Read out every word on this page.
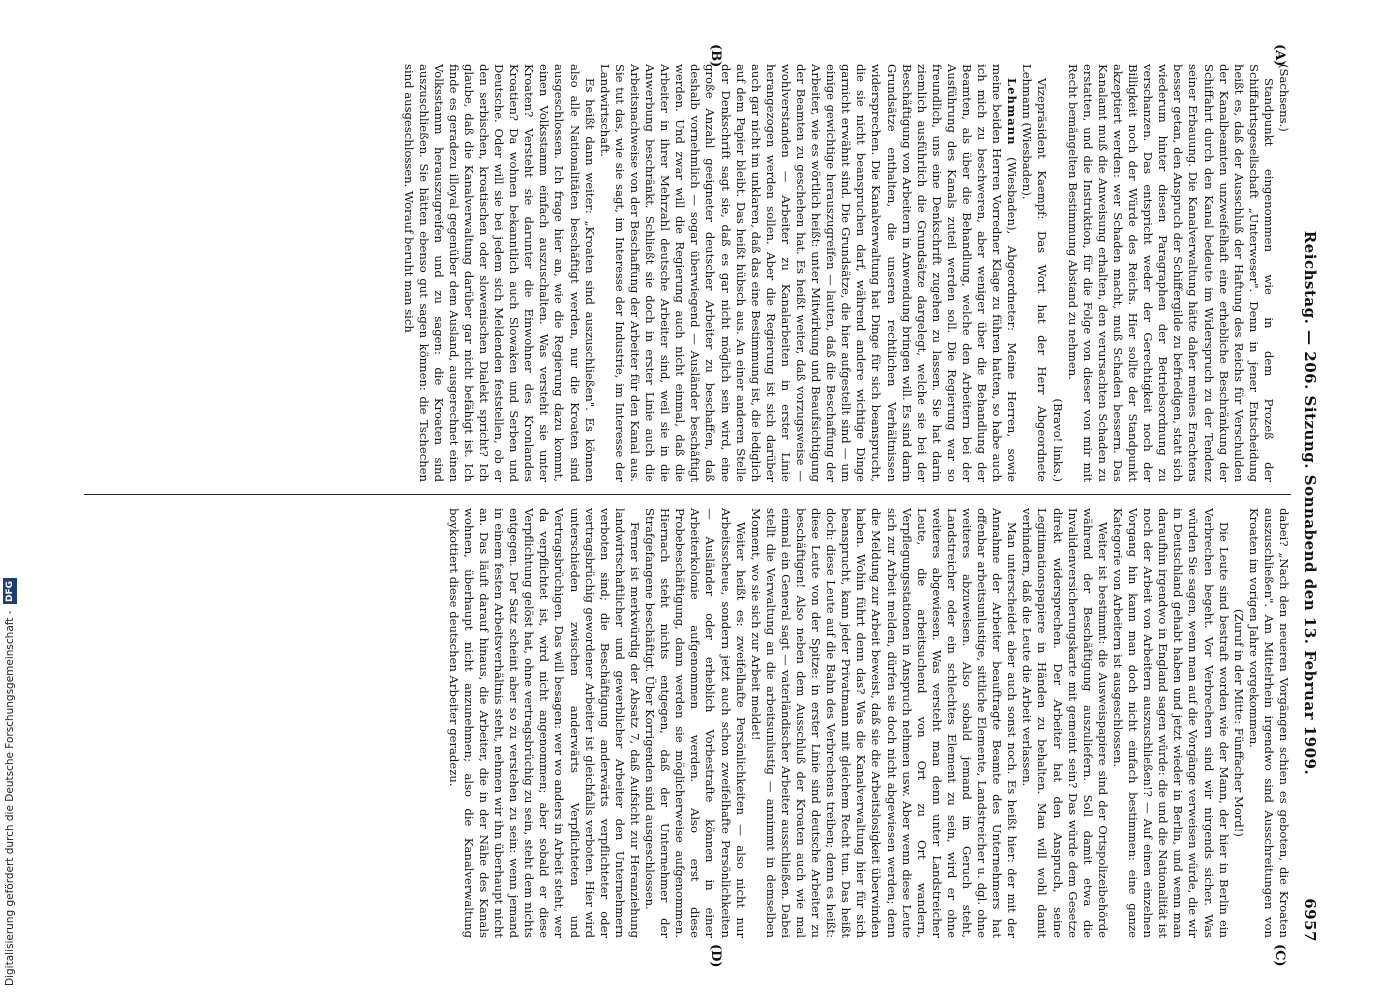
Reichstag. — 206. Sitzung. Sonnabend den 13. Februar 1909.
6957
(A)
(B)
(C)
(D)

(Sachsens.)

Standpunkt eingenommen wie in dem Prozeß der Schiffahrtsgesellschaft „Unterweser". Denn in jener Entscheidung heißt es, daß der Ausschluß der Haftung des Reichs für Verschulden der Kanalbeamten unzweifelhaft eine erhebliche Beschränkung der Schiffahrt durch den Kanal bedeute im Widerspruch zu der Tendenz seiner Erbauung. Die Kanalverwaltung hätte daher meines Erachtens besser getan, den Anspruch der Schiffergilde zu befriedigen, statt sich wiederum hinter diesen Paragraphen der Betriebsordnung zu verschanzen. Das entspricht weder der Gerechtigkeit noch der Billigkeit noch der Würde des Reichs. Hier sollte der Standpunkt akzeptiert werden: wer Schaden macht, muß Schaden bessern. Das Kanalamt muß die Anweisung erhalten, den verursachten Schaden zu erstatten, und die Instruktion, für die Folge von dieser von mir mit Recht bemängelten Bestimmung Abstand zu nehmen.

(Bravo! links.)

Vizepräsident Kaempf: Das Wort hat der Herr Abgeordnete Lehmann (Wiesbaden).

Lehmann (Wiesbaden), Abgeordneter: Meine Herren, sowie meine beiden Herren Vorredner Klage zu führen hatten, so habe auch ich mich zu beschweren, aber weniger über die Behandlung der Beamten, als über die Behandlung, welche den Arbeitern bei der Ausführung des Kanals zuteil werden soll. Die Regierung war so freundlich, uns eine Denkschrift zugehen zu lassen. Sie hat darin ziemlich ausführlich die Grundsätze dargelegt, welche sie bei der Beschäftigung von Arbeitern in Anwendung bringen will. Es sind darin Grundsätze enthalten, die unseren rechtlichen Verhältnissen widersprechen. Die Kanalverwaltung hat Dinge für sich beansprucht, die sie nicht beanspruchen darf, während andere wichtige Dinge garnicht erwähnt sind. Die Grundsätze, die hier aufgestellt sind — um einige gewichtige herauszugreifen — lauten, daß die Beschaffung der Arbeiter, wie es wörtlich heißt: unter Mitwirkung und Beaufsichtigung der Beamten zu geschehen hat. Es heißt weiter, daß vorzugsweise — wohlverstanden — Arbeiter zu Kanalarbeiten in erster Linie herangezogen werden sollen. Aber die Regierung ist sich darüber auch gar nicht im unklaren, daß das eine Bestimmung ist, die lediglich auf dem Papier bleibt. Das heißt hübsch aus. An einer anderen Stelle der Denkschrift sagt sie, daß es gar nicht möglich sein wird, eine große Anzahl geeigneter deutscher Arbeiter zu beschaffen, daß deshalb vornehmlich — sogar überwiegend — Ausländer beschäftigt werden. Und zwar will die Regierung auch nicht einmal, daß die Arbeiter in ihrer Mehrzahl deutsche Arbeiter sind, weil sie in die Anwerbung beschränkt. Schließt sie doch in erster Linie auch die Arbeitsnachweise von der Beschaffung der Arbeiter für den Kanal aus. Sie tut das, wie sie sagt, im Interesse der Industrie, im Interesse der Landwirtschaft.

Es heißt dann weiter: „Kroaten sind auszuschließen". Es können also alle Nationalitäten beschäftigt werden, nur die Kroaten sind ausgeschlossen. Ich frage hier an, wie die Regierung dazu kommt, einen Volksstamm einfach auszuschalten. Was versteht sie unter Kroaten? Versteht sie darunter die Einwohner des Kronlandes Kroatien? Da wohnen bekanntlich auch Slowaken und Serben und Deutsche. Oder will sie bei jedem sich Meldenden feststellen, ob er den serbischen, kroatischen oder slowenischen Dialekt spricht? Ich glaube, daß die Kanalverwaltung darüber gar nicht befähigt ist. Ich finde es geradezu illoyal gegenüber dem Ausland, ausgerechnet einen Volksstamm herauszugreifen und zu sagen: die Kroaten sind auszuschließen. Sie hätten ebenso gut sagen können: die Tschechen sind ausgeschlossen. Worauf beruht man sich

dabei? „Nach den neueren Vorgängen schien es geboten, die Kroaten auszuschließen". Am Mittelrhein irgendwo sind Ausschreitungen von Kroaten im vorigen Jahre vorgekommen.

(Zuruf in der Mitte: Fünffacher Mord!)

Die Leute sind bestraft worden wie der Mann, der hier in Berlin ein Verbrechen begeht. Vor Verbrechern sind wir nirgends sicher. Was würden Sie sagen, wenn man auf die Vorgänge verweisen würde, die wir in Deutschland gehabt haben und jetzt wieder in Berlin, und wenn man daraufhin irgendwo in England sagen würde: die und die Nationalität ist noch der Arbeit von Arbeitern auszuschließen!? — Auf einen einzelnen Vorgang hin kann man doch nicht einfach bestimmen: eine ganze Kategorie von Arbeitern ist ausgeschlossen.

Weiter ist bestimmt: die Ausweispapiere sind der Ortspolizeibehörde während der Beschäftigung auszuliefern. Soll damit etwa die Invalidenversicherungskarte mit gemeint sein? Das würde dem Gesetze direkt widersprechen. Der Arbeiter hat den Anspruch, seine Legitimationspapiere in Händen zu behalten. Man will wohl damit verhindern, daß die Leute die Arbeit verlassen.

Man unterscheidet aber auch sonst noch. Es heißt hier: der mit der Annahme der Arbeiter beauftragte Beamte des Unternehmers hat offenbar arbeitsunlustige, sittliche Elemente, Landstreicher u. dgl. ohne weiteres abzuweisen. Also sobald jemand im Geruch steht, Landstreicher oder ein schlechtes Element zu sein, wird er ohne weiteres abgewiesen. Was versteht man denn unter Landstreicher Leute, die arbeitsuchend von Ort zu Ort wandern, Verpflegungsstationen in Anspruch nehmen usw. Aber wenn diese Leute sich zur Arbeit melden, dürfen sie doch nicht abgewiesen werden; denn die Meldung zur Arbeit beweist, daß sie die Arbeitslosigkeit überwinden haben. Wohin führt denn das? Was die Kanalverwaltung hier für sich beansprucht, kann jeder Privatmann mit gleichem Recht tun. Das heißt doch: diese Leute auf die Bahn des Verbrechens treiben; denn es heißt: diese Leute von der Spitze: in erster Linie sind deutsche Arbeiter zu beschäftigen! Also neben dem Ausschluß der Kroaten auch wie mal einmal ein General sagt — vaterländischer Arbeiter ausschließen. Dabei stellt die Verwaltung an die arbeitsunlustig — annimmt in demselben Moment, wo sie sich zur Arbeit meldet!

Weiter heißt es: zweifelhafte Persönlichkeiten — also nicht nur Arbeitsscheue, sondern jetzt auch schon zweifelhafte Persönlichkeiten — Ausländer oder erheblich Vorbestrafte können in einer Arbeiterkolonie aufgenommen werden. Also erst diese Probebeschäftigung, dann werden sie möglicherweise aufgenommen. Hiernach steht nichts entgegen, daß der Unternehmer der Strafgefangene beschäftigt. Über Korrigenden sind ausgeschlossen.

Ferner ist merkwürdig der Absatz 7, daß Aufsicht zur Heranziehung landwirtschaftlicher und gewerblicher Arbeiter den Unternehmern verboten sind; die Beschäftigung anderwärts verpflichteter oder vertragsbrüchig gewordener Arbeiter ist gleichfalls verboten. Hier wird unterschieden zwischen anderwärts Verpflichteten und Vertragsbrüchigen. Das will besagen: wer wo anders in Arbeit steht, wer da verpflichtet ist, wird nicht angenommen; aber sobald er diese Verpflichtung gelöst hat, ohne vertragsbrüchig zu sein, steht dem nichts entgegen. Der Satz scheint aber so zu verstehen zu sein: wenn jemand in einem festen Arbeitsverhältnis steht, nehmen wir ihn überhaupt nicht an. Das läuft darauf hinaus, die Arbeiter, die in der Nähe des Kanals wohnen, überhaupt nicht anzunehmen; also die Kanalverwaltung boykottiert diese deutschen Arbeiter geradezu.

Digitalisierung gefördert durch die Deutsche Forschungsgemeinschaft -
DFG
